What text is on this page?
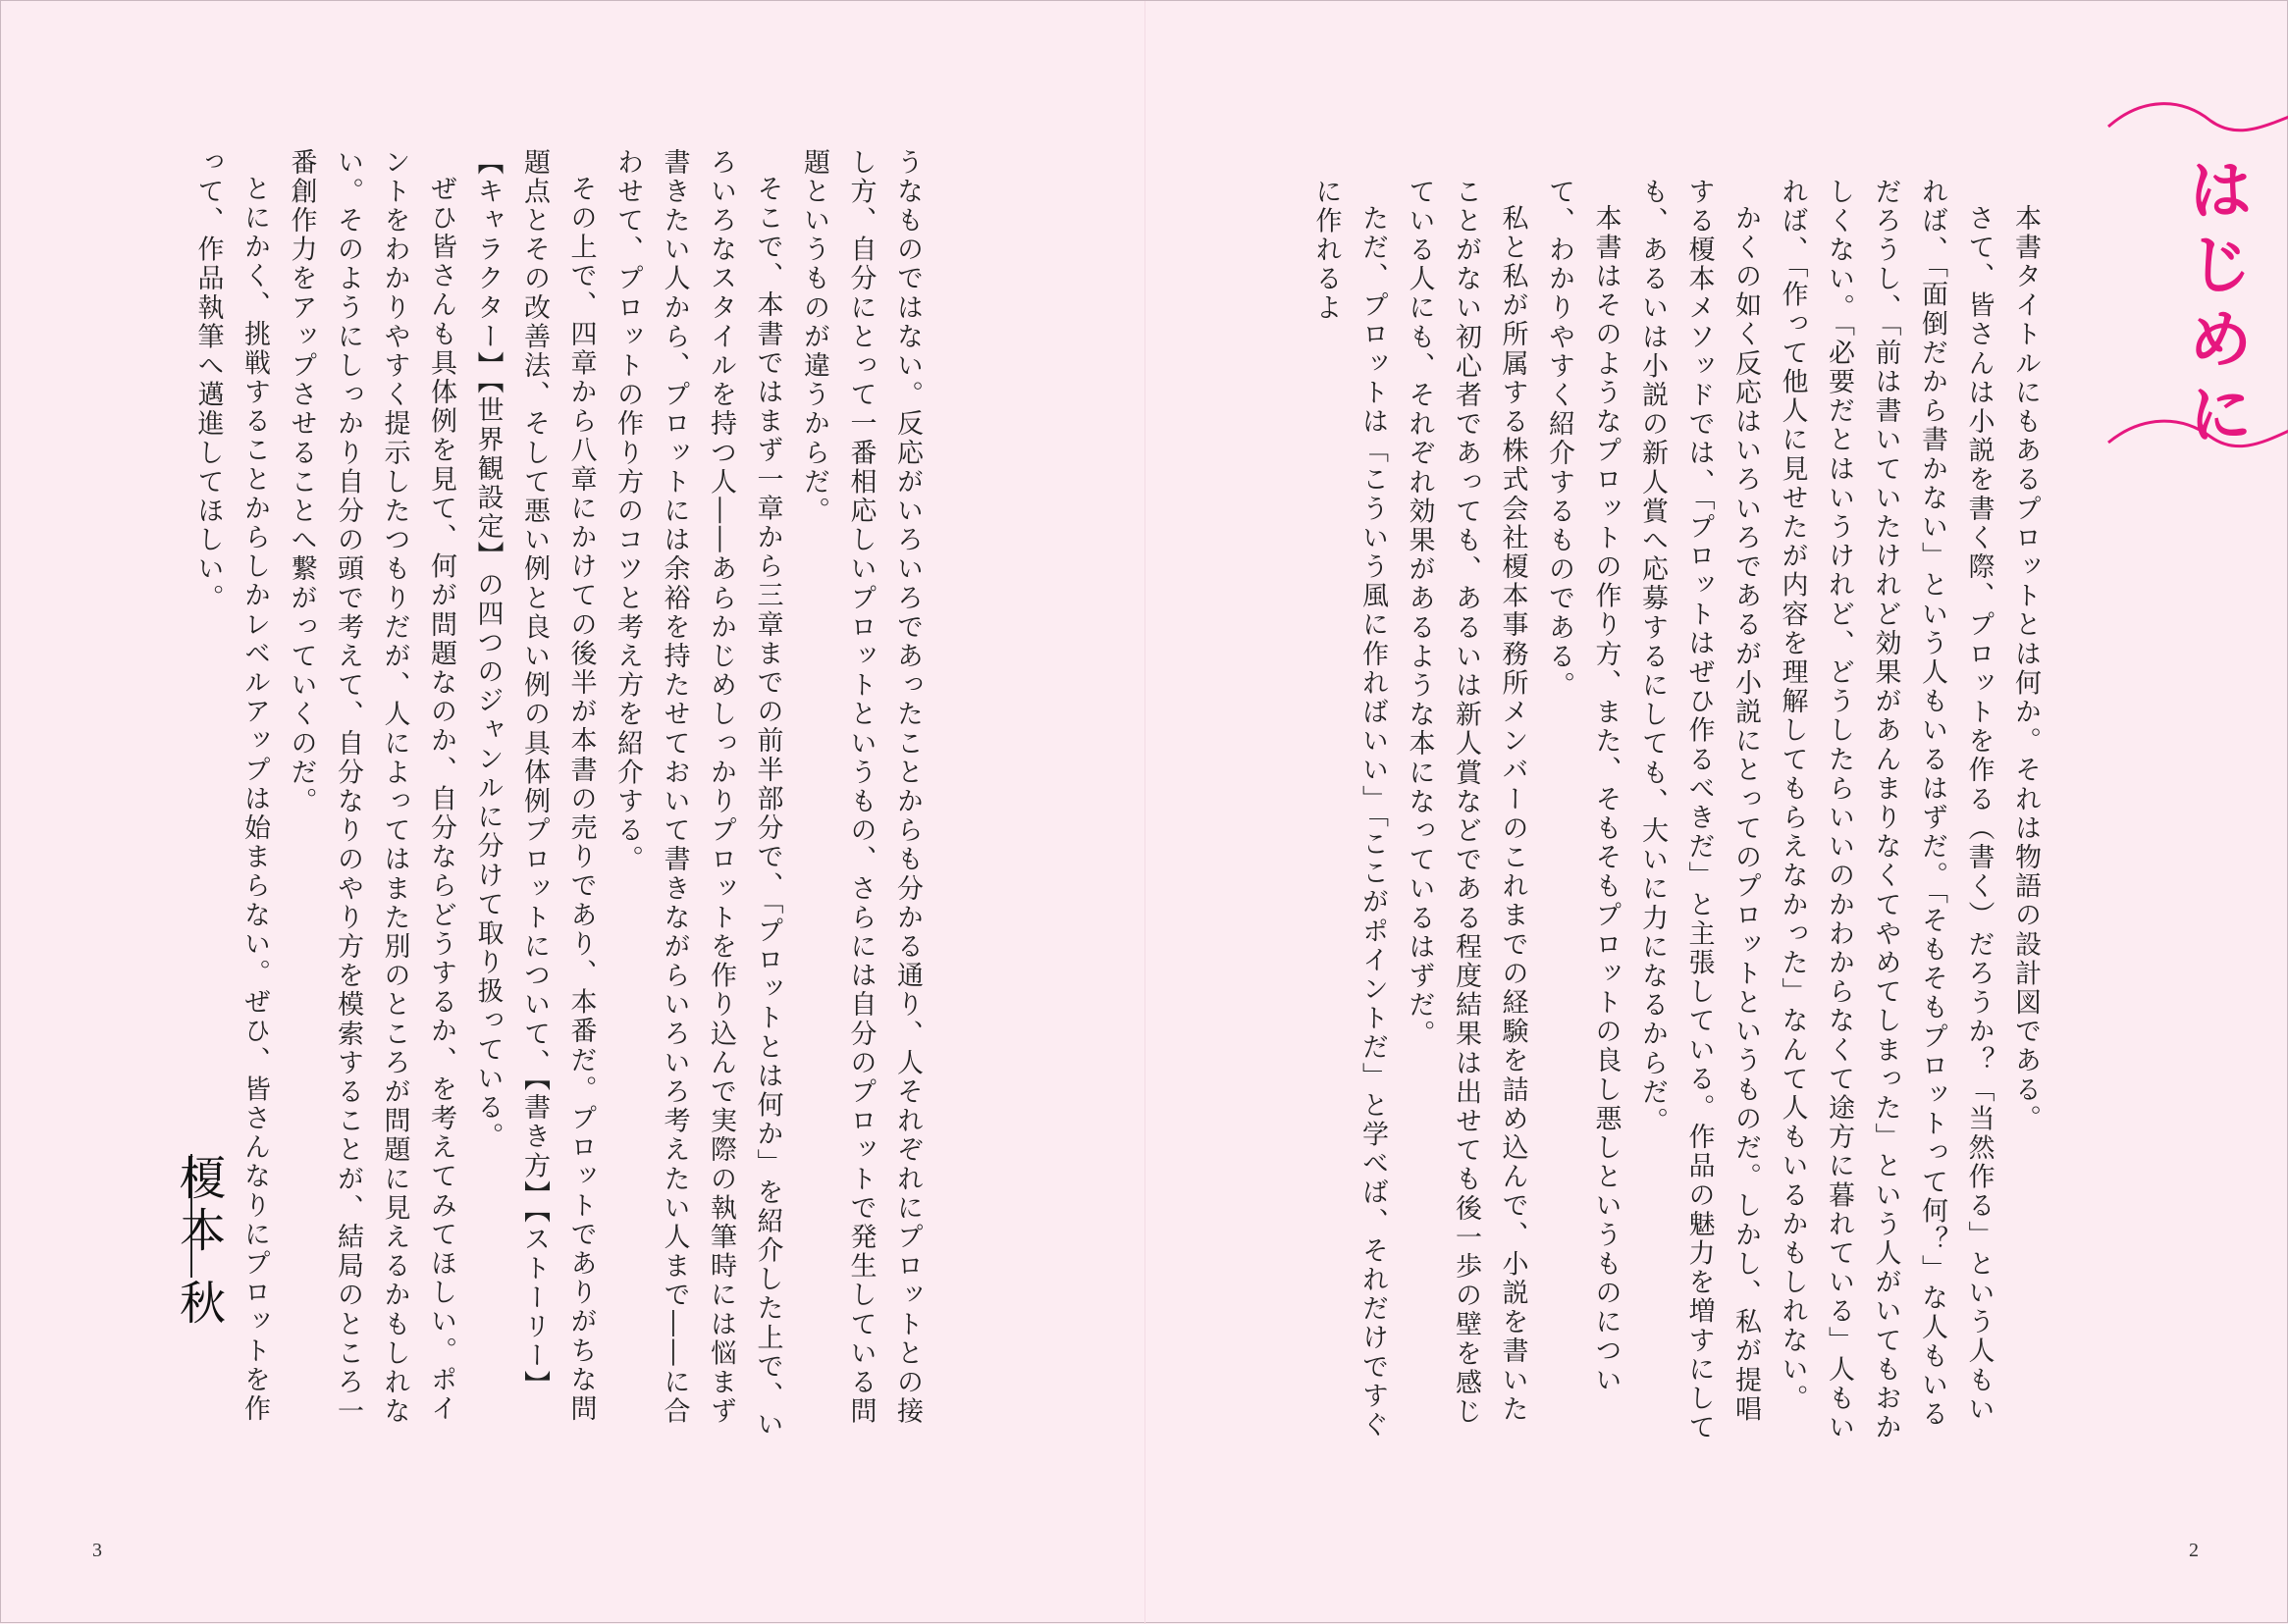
はじめに

本書タイトルにもあるプロットとは何か。それは物語の設計図である。

さて、皆さんは小説を書く際、プロットを作る（書く）だろうか？「当然作る」という人もいれば、「面倒だから書かない」という人もいるはずだ。「そもそもプロットって何？」な人もいるだろうし、「前は書いていたけれど効果があんまりなくてやめてしまった」という人がいてもおかしくない。「必要だとはいうけれど、どうしたらいいのかわからなくて途方に暮れている」人もいれば、「作って他人に見せたが内容を理解してもらえなかった」なんて人もいるかもしれない。

かくの如く反応はいろいろであるが小説にとってのプロットというものだ。しかし、私が提唱する榎本メソッドでは、「プロットはぜひ作るべきだ」と主張している。作品の魅力を増すにしても、あるいは小説の新人賞へ応募するにしても、大いに力になるからだ。

本書はそのようなプロットの作り方、また、そもそもプロットの良し悪しというものについて、わかりやすく紹介するものである。

私と私が所属する株式会社榎本事務所メンバーのこれまでの経験を詰め込んで、小説を書いたことがない初心者であっても、あるいは新人賞などである程度結果は出せても後一歩の壁を感じている人にも、それぞれ効果があるような本になっているはずだ。

ただ、プロットは「こういう風に作ればいい」「ここがポイントだ」と学べば、それだけですぐに作れるよ

2

うなものではない。反応がいろいろであったことからも分かる通り、人それぞれにプロットとの接し方、自分にとって一番相応しいプロットというもの、さらには自分のプロットで発生している問題というものが違うからだ。

そこで、本書ではまず一章から三章までの前半部分で、「プロットとは何か」を紹介した上で、いろいろなスタイルを持つ人――あらかじめしっかりプロットを作り込んで実際の執筆時には悩まず書きたい人から、プロットには余裕を持たせておいて書きながらいろいろ考えたい人まで――に合わせて、プロットの作り方のコツと考え方を紹介する。

その上で、四章から八章にかけての後半が本書の売りであり、本番だ。プロットでありがちな問題点とその改善法、そして悪い例と良い例の具体例プロットについて、【書き方】【ストーリー】【キャラクター】【世界観設定】の四つのジャンルに分けて取り扱っている。

ぜひ皆さんも具体例を見て、何が問題なのか、自分ならどうするか、を考えてみてほしい。ポイントをわかりやすく提示したつもりだが、人によってはまた別のところが問題に見えるかもしれない。そのようにしっかり自分の頭で考えて、自分なりのやり方を模索することが、結局のところ一番創作力をアップさせることへ繋がっていくのだ。

とにかく、挑戦することからしかレベルアップは始まらない。ぜひ、皆さんなりにプロットを作って、作品執筆へ邁進してほしい。

榎本 秋
3
